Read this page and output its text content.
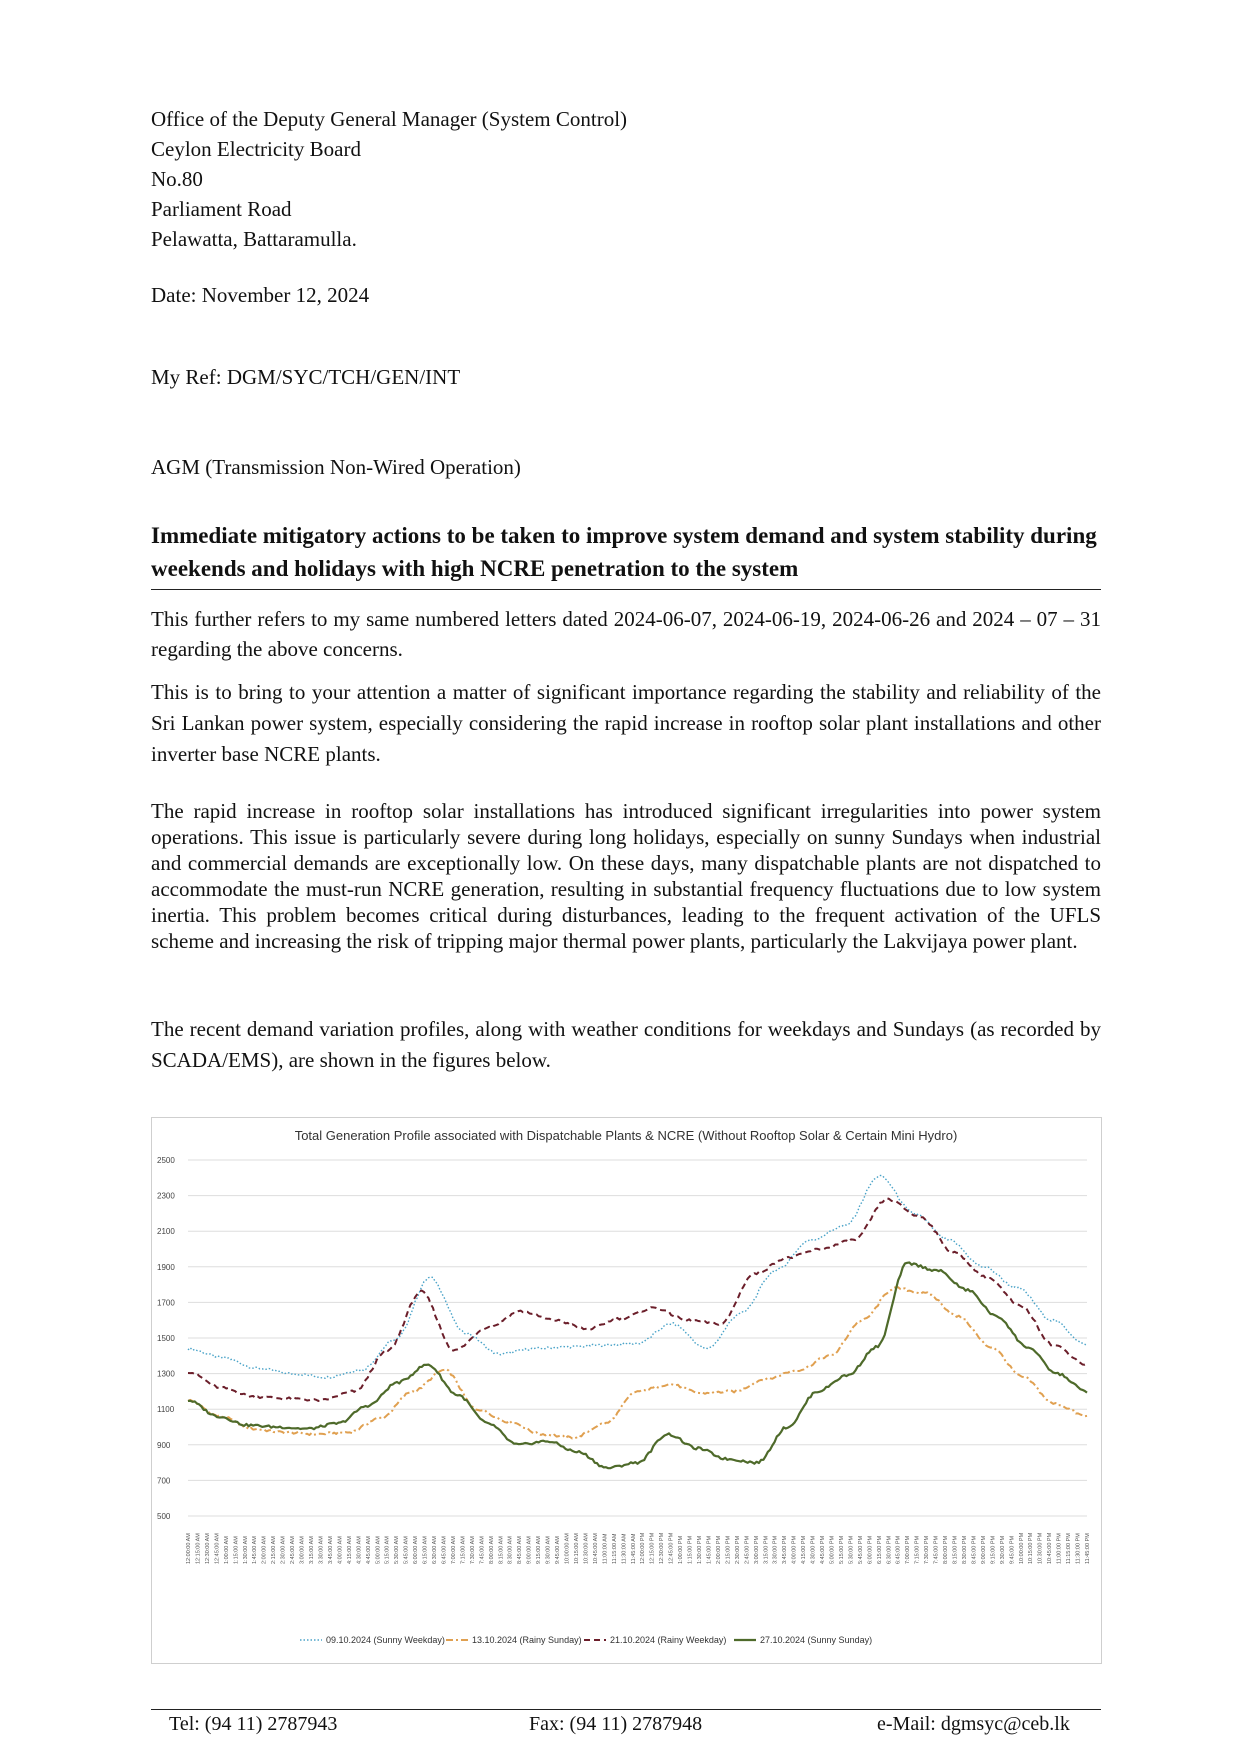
Office of the Deputy General Manager (System Control)
Ceylon Electricity Board
No.80
Parliament Road
Pelawatta, Battaramulla.
Date: November 12, 2024
My Ref: DGM/SYC/TCH/GEN/INT
AGM (Transmission Non-Wired Operation)
Immediate mitigatory actions to be taken to improve system demand and system stability during weekends and holidays with high NCRE penetration to the system
This further refers to my same numbered letters dated 2024-06-07, 2024-06-19, 2024-06-26 and 2024 – 07 – 31 regarding the above concerns.
This is to bring to your attention a matter of significant importance regarding the stability and reliability of the Sri Lankan power system, especially considering the rapid increase in rooftop solar plant installations and other inverter base NCRE plants.
The rapid increase in rooftop solar installations has introduced significant irregularities into power system operations. This issue is particularly severe during long holidays, especially on sunny Sundays when industrial and commercial demands are exceptionally low. On these days, many dispatchable plants are not dispatched to accommodate the must-run NCRE generation, resulting in substantial frequency fluctuations due to low system inertia. This problem becomes critical during disturbances, leading to the frequent activation of the UFLS scheme and increasing the risk of tripping major thermal power plants, particularly the Lakvijaya power plant.
The recent demand variation profiles, along with weather conditions for weekdays and Sundays (as recorded by SCADA/EMS), are shown in the figures below.
Total Generation Profile associated with Dispatchable Plants & NCRE (Without Rooftop Solar & Certain Mini Hydro)
2500
2300
2100
1900
1700
1500
1300
1100
900
700
500
12:00:00 AM 12:15:00 AM 12:30:00 AM 12:45:00 AM 1:00:00 AM 1:15:00 AM 1:30:00 AM 1:45:00 AM 2:00:00 AM 2:15:00 AM 2:30:00 AM 2:45:00 AM 3:00:00 AM 3:15:00 AM 3:30:00 AM 3:45:00 AM 4:00:00 AM 4:15:00 AM 4:30:00 AM 4:45:00 AM 5:00:00 AM 5:15:00 AM 5:30:00 AM 5:45:00 AM 6:00:00 AM 6:15:00 AM 6:30:00 AM 6:45:00 AM 7:00:00 AM 7:15:00 AM 7:30:00 AM 7:45:00 AM 8:00:00 AM 8:15:00 AM 8:30:00 AM 8:45:00 AM 9:00:00 AM 9:15:00 AM 9:30:00 AM 9:45:00 AM 10:00:00 AM 10:15:00 AM 10:30:00 AM 10:45:00 AM 11:00:00 AM 11:15:00 AM 11:30:00 AM 11:45:00 AM 12:00:00 PM 12:15:00 PM 12:30:00 PM 12:45:00 PM 1:00:00 PM 1:15:00 PM 1:30:00 PM 1:45:00 PM 2:00:00 PM 2:15:00 PM 2:30:00 PM 2:45:00 PM 3:00:00 PM 3:15:00 PM 3:30:00 PM 3:45:00 PM 4:00:00 PM 4:15:00 PM 4:30:00 PM 4:45:00 PM 5:00:00 PM 5:15:00 PM 5:30:00 PM 5:45:00 PM 6:00:00 PM 6:15:00 PM 6:30:00 PM 6:45:00 PM 7:00:00 PM 7:15:00 PM 7:30:00 PM 7:45:00 PM 8:00:00 PM 8:15:00 PM 8:30:00 PM 8:45:00 PM 9:00:00 PM 9:15:00 PM 9:30:00 PM 9:45:00 PM 10:00:00 PM 10:15:00 PM 10:30:00 PM 10:45:00 PM 11:00:00 PM 11:15:00 PM 11:30:00 PM 11:45:00 PM
09.10.2024 (Sunny Weekday)	13.10.2024 (Rainy Sunday)	21.10.2024 (Rainy Weekday)	27.10.2024 (Sunny Sunday)
Tel: (94 11) 2787943	Fax: (94 11) 2787948	e-Mail: dgmsyc@ceb.lk
